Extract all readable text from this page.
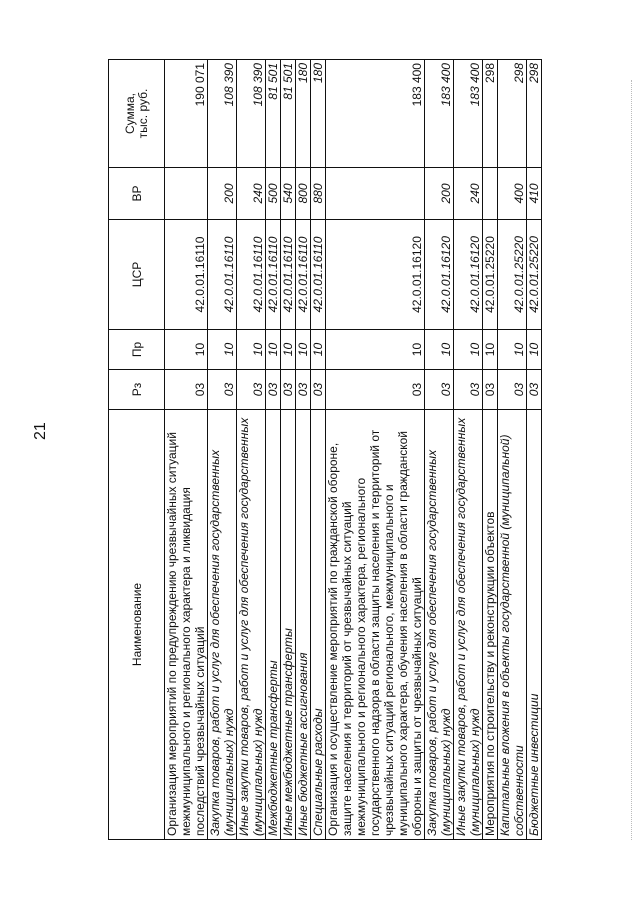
21
Наименование	Рз	Пр	ЦСР	ВР	Сумма, тыс. руб.

Организация мероприятий по предупреждению чрезвычайных ситуаций межмуниципального и регионального характера и ликвидация последствий чрезвычайных ситуаций	03	10	42.0.01.16110		190 071
Закупка товаров, работ и услуг для обеспечения государственных (муниципальных) нужд	03	10	42.0.01.16110	200	108 390
Иные закупки товаров, работ и услуг для обеспечения государственных (муниципальных) нужд	03	10	42.0.01.16110	240	108 390
Межбюджетные трансферты	03	10	42.0.01.16110	500	81 501
Иные межбюджетные трансферты	03	10	42.0.01.16110	540	81 501
Иные бюджетные ассигнования	03	10	42.0.01.16110	800	180
Специальные расходы	03	10	42.0.01.16110	880	180
Организация и осуществление мероприятий по гражданской обороне, защите населения и территорий от чрезвычайных ситуаций межмуниципального и регионального характера, регионального государственного надзора в области защиты населения и территорий от чрезвычайных ситуаций регионального, межмуниципального и муниципального характера, обучения населения в области гражданской обороны и защиты от чрезвычайных ситуаций	03	10	42.0.01.16120		183 400
Закупка товаров, работ и услуг для обеспечения государственных (муниципальных) нужд	03	10	42.0.01.16120	200	183 400
Иные закупки товаров, работ и услуг для обеспечения государственных (муниципальных) нужд	03	10	42.0.01.16120	240	183 400
Мероприятия по строительству и реконструкции объектов	03	10	42.0.01.25220		298
Капитальные вложения в объекты государственной (муниципальной) собственности	03	10	42.0.01.25220	400	298
Бюджетные инвестиции	03	10	42.0.01.25220	410	298
